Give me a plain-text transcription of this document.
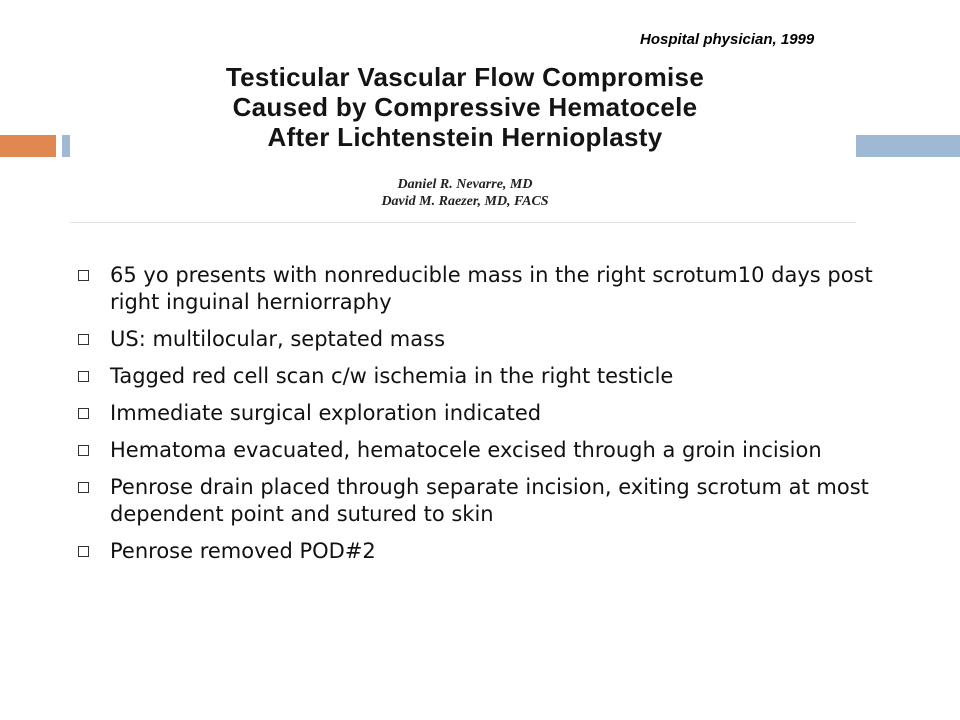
Hospital physician, 1999
Testicular Vascular Flow Compromise
Caused by Compressive Hematocele
After Lichtenstein Hernioplasty
Daniel R. Nevarre, MD
David M. Raezer, MD, FACS
65 yo presents with nonreducible mass in the right scrotum10 days post right inguinal herniorraphy
US: multilocular, septated mass
Tagged red cell scan c/w ischemia in the right testicle
Immediate surgical exploration indicated
Hematoma evacuated, hematocele excised through a groin incision
Penrose drain placed through separate incision, exiting scrotum at most dependent point and sutured to skin
Penrose removed POD#2
